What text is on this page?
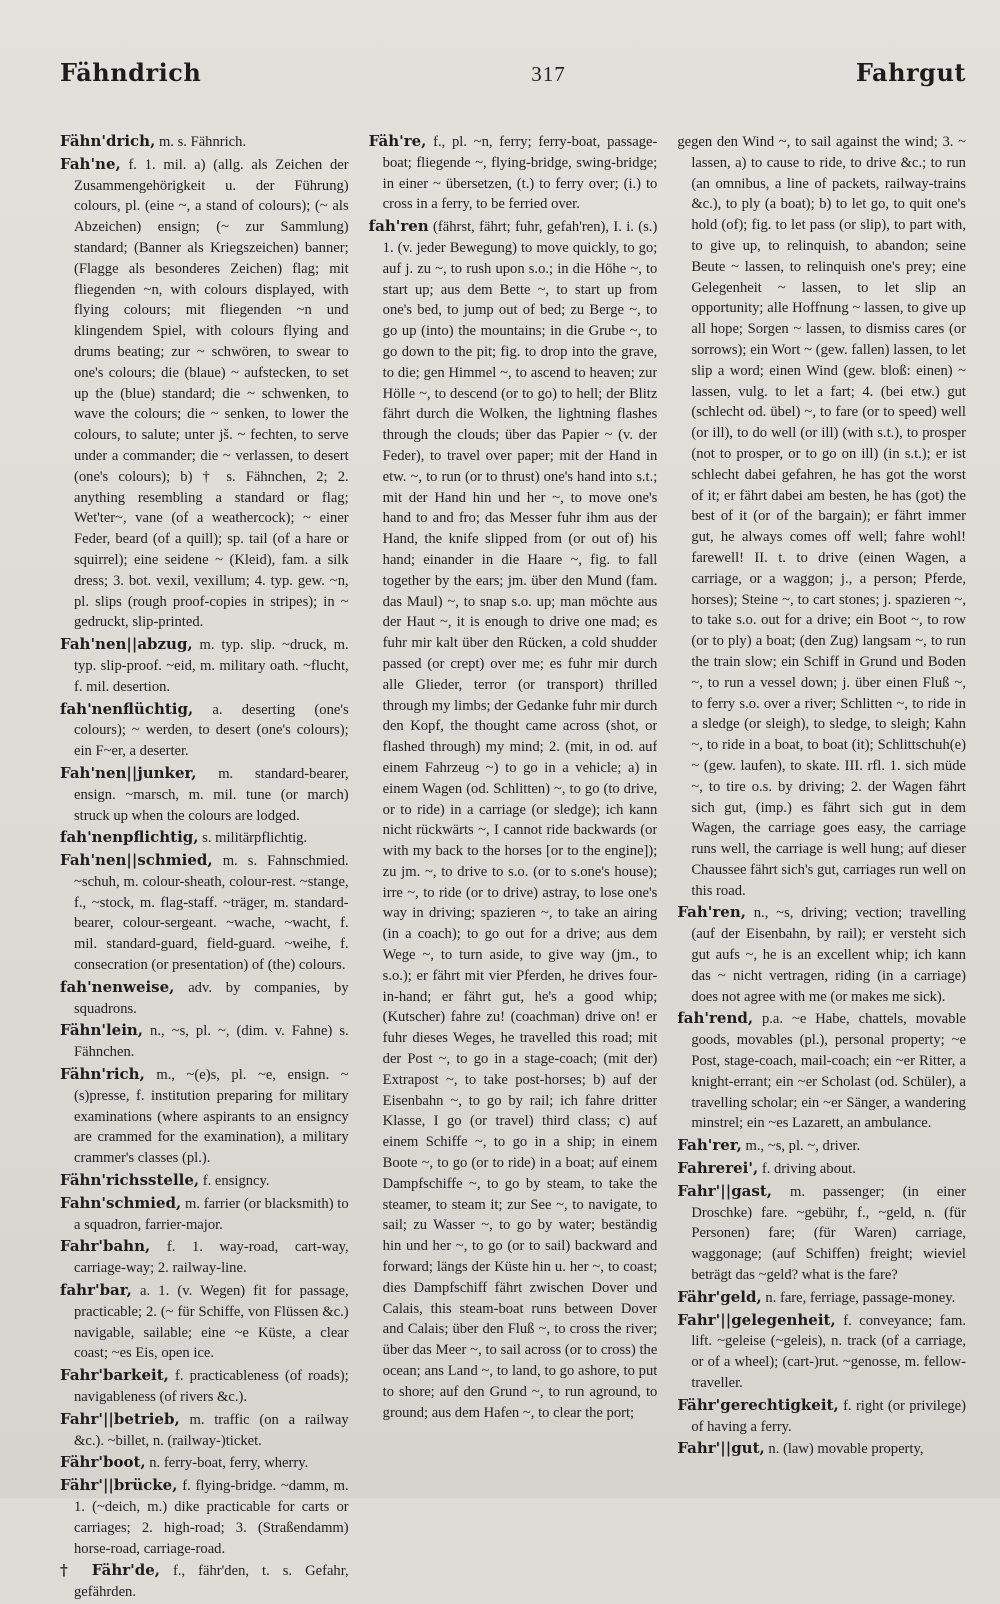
Fähndrich	317	Fahrgut

Fähn'drich, m. s. Fähnrich.

Fah'ne, f. 1. mil. a) (allg. als Zeichen der Zusammengehörigkeit u. der Führung) colours, pl. (eine ~, a stand of colours); (~ als Abzeichen) ensign; (~ zur Sammlung) standard; (Banner als Kriegszeichen) banner; (Flagge als besonderes Zeichen) flag; mit fliegenden ~n, with colours displayed, with flying colours; mit fliegenden ~n und klingendem Spiel, with colours flying and drums beating; zur ~ schwören, to swear to one's colours; die (blaue) ~ aufstecken, to set up the (blue) standard; die ~ schwenken, to wave the colours; die ~ senken, to lower the colours, to salute; unter jš. ~ fechten, to serve under a commander; die ~ verlassen, to desert (one's colours); b) † s. Fähnchen, 2; 2. anything resembling a standard or flag; Wet'ter~, vane (of a weathercock); ~ einer Feder, beard (of a quill); sp. tail (of a hare or squirrel); eine seidene ~ (Kleid), fam. a silk dress; 3. bot. vexil, vexillum; 4. typ. gew. ~n, pl. slips (rough proof-copies in stripes); in ~ gedruckt, slip-printed.

Fah'nen||abzug, m. typ. slip. ~druck, m. typ. slip-proof. ~eid, m. military oath. ~flucht, f. mil. desertion.

fah'nenflüchtig, a. deserting (one's colours); ~ werden, to desert (one's colours); ein F~er, a deserter.

Fah'nen||junker, m. standard-bearer, ensign. ~marsch, m. mil. tune (or march) struck up when the colours are lodged.

fah'nenpflichtig, s. militärpflichtig.

Fah'nen||schmied, m. s. Fahnschmied. ~schuh, m. colour-sheath, colour-rest. ~stange, f., ~stock, m. flag-staff. ~träger, m. standard-bearer, colour-sergeant. ~wache, ~wacht, f. mil. standard-guard, field-guard. ~weihe, f. consecration (or presentation) of (the) colours.

fah'nenweise, adv. by companies, by squadrons.

Fähn'lein, n., ~s, pl. ~, (dim. v. Fahne) s. Fähnchen.

Fähn'rich, m., ~(e)s, pl. ~e, ensign. ~(s)presse, f. institution preparing for military examinations (where aspirants to an ensigncy are crammed for the examination), a military crammer's classes (pl.).

Fähn'richsstelle, f. ensigncy.

Fahn'schmied, m. farrier (or blacksmith) to a squadron, farrier-major.

Fahr'bahn, f. 1. way-road, cart-way, carriage-way; 2. railway-line.

fahr'bar, a. 1. (v. Wegen) fit for passage, practicable; 2. (~ für Schiffe, von Flüssen &c.) navigable, sailable; eine ~e Küste, a clear coast; ~es Eis, open ice.

Fahr'barkeit, f. practicableness (of roads); navigableness (of rivers &c.).

Fahr'||betrieb, m. traffic (on a railway &c.). ~billet, n. (railway-)ticket.

Fähr'boot, n. ferry-boat, ferry, wherry.

Fähr'||brücke, f. flying-bridge. ~damm, m. 1. (~deich, m.) dike practicable for carts or carriages; 2. high-road; 3. (Straßendamm) horse-road, carriage-road.

† Fähr'de, f., fähr'den, t. s. Gefahr, gefährden.

Fäh're, f., pl. ~n, ferry; ferry-boat, passage-boat; fliegende ~, flying-bridge, swing-bridge; in einer ~ übersetzen, (t.) to ferry over; (i.) to cross in a ferry, to be ferried over.

fah'ren (fährst, fährt; fuhr, gefah'ren), I. i. (s.) 1. (v. jeder Bewegung) to move quickly, to go; auf j. zu ~, to rush upon s.o.; in die Höhe ~, to start up; aus dem Bette ~, to start up from one's bed, to jump out of bed; zu Berge ~, to go up (into) the mountains; in die Grube ~, to go down to the pit; fig. to drop into the grave, to die; gen Himmel ~, to ascend to heaven; zur Hölle ~, to descend (or to go) to hell; der Blitz fährt durch die Wolken, the lightning flashes through the clouds; über das Papier ~ (v. der Feder), to travel over paper; mit der Hand in etw. ~, to run (or to thrust) one's hand into s.t.; mit der Hand hin und her ~, to move one's hand to and fro; das Messer fuhr ihm aus der Hand, the knife slipped from (or out of) his hand; einander in die Haare ~, fig. to fall together by the ears; jm. über den Mund (fam. das Maul) ~, to snap s.o. up; man möchte aus der Haut ~, it is enough to drive one mad; es fuhr mir kalt über den Rücken, a cold shudder passed (or crept) over me; es fuhr mir durch alle Glieder, terror (or transport) thrilled through my limbs; der Gedanke fuhr mir durch den Kopf, the thought came across (shot, or flashed through) my mind; 2. (mit, in od. auf einem Fahrzeug ~) to go in a vehicle; a) in einem Wagen (od. Schlitten) ~, to go (to drive, or to ride) in a carriage (or sledge); ich kann nicht rückwärts ~, I cannot ride backwards (or with my back to the horses [or to the engine]); zu jm. ~, to drive to s.o. (or to s.one's house); irre ~, to ride (or to drive) astray, to lose one's way in driving; spazieren ~, to take an airing (in a coach); to go out for a drive; aus dem Wege ~, to turn aside, to give way (jm., to s.o.); er fährt mit vier Pferden, he drives four-in-hand; er fährt gut, he's a good whip; (Kutscher) fahre zu! (coachman) drive on! er fuhr dieses Weges, he travelled this road; mit der Post ~, to go in a stage-coach; (mit der) Extrapost ~, to take post-horses; b) auf der Eisenbahn ~, to go by rail; ich fahre dritter Klasse, I go (or travel) third class; c) auf einem Schiffe ~, to go in a ship; in einem Boote ~, to go (or to ride) in a boat; auf einem Dampfschiffe ~, to go by steam, to take the steamer, to steam it; zur See ~, to navigate, to sail; zu Wasser ~, to go by water; beständig hin und her ~, to go (or to sail) backward and forward; längs der Küste hin u. her ~, to coast; dies Dampfschiff fährt zwischen Dover und Calais, this steam-boat runs between Dover and Calais; über den Fluß ~, to cross the river; über das Meer ~, to sail across (or to cross) the ocean; ans Land ~, to land, to go ashore, to put to shore; auf den Grund ~, to run aground, to ground; aus dem Hafen ~, to clear the port;

gegen den Wind ~, to sail against the wind; 3. ~ lassen, a) to cause to ride, to drive &c.; to run (an omnibus, a line of packets, railway-trains &c.), to ply (a boat); b) to let go, to quit one's hold (of); fig. to let pass (or slip), to part with, to give up, to relinquish, to abandon; seine Beute ~ lassen, to relinquish one's prey; eine Gelegenheit ~ lassen, to let slip an opportunity; alle Hoffnung ~ lassen, to give up all hope; Sorgen ~ lassen, to dismiss cares (or sorrows); ein Wort ~ (gew. fallen) lassen, to let slip a word; einen Wind (gew. bloß: einen) ~ lassen, vulg. to let a fart; 4. (bei etw.) gut (schlecht od. übel) ~, to fare (or to speed) well (or ill), to do well (or ill) (with s.t.), to prosper (not to prosper, or to go on ill) (in s.t.); er ist schlecht dabei gefahren, he has got the worst of it; er fährt dabei am besten, he has (got) the best of it (or of the bargain); er fährt immer gut, he always comes off well; fahre wohl! farewell! II. t. to drive (einen Wagen, a carriage, or a waggon; j., a person; Pferde, horses); Steine ~, to cart stones; j. spazieren ~, to take s.o. out for a drive; ein Boot ~, to row (or to ply) a boat; (den Zug) langsam ~, to run the train slow; ein Schiff in Grund und Boden ~, to run a vessel down; j. über einen Fluß ~, to ferry s.o. over a river; Schlitten ~, to ride in a sledge (or sleigh), to sledge, to sleigh; Kahn ~, to ride in a boat, to boat (it); Schlittschuh(e) ~ (gew. laufen), to skate. III. rfl. 1. sich müde ~, to tire o.s. by driving; 2. der Wagen fährt sich gut, (imp.) es fährt sich gut in dem Wagen, the carriage goes easy, the carriage runs well, the carriage is well hung; auf dieser Chaussee fährt sich's gut, carriages run well on this road.

Fah'ren, n., ~s, driving; vection; travelling (auf der Eisenbahn, by rail); er versteht sich gut aufs ~, he is an excellent whip; ich kann das ~ nicht vertragen, riding (in a carriage) does not agree with me (or makes me sick).

fah'rend, p.a. ~e Habe, chattels, movable goods, movables (pl.), personal property; ~e Post, stage-coach, mail-coach; ein ~er Ritter, a knight-errant; ein ~er Scholast (od. Schüler), a travelling scholar; ein ~er Sänger, a wandering minstrel; ein ~es Lazarett, an ambulance.

Fah'rer, m., ~s, pl. ~, driver.

Fahrerei', f. driving about.

Fahr'||gast, m. passenger; (in einer Droschke) fare. ~gebühr, f., ~geld, n. (für Personen) fare; (für Waren) carriage, waggonage; (auf Schiffen) freight; wieviel beträgt das ~geld? what is the fare?

Fähr'geld, n. fare, ferriage, passage-money.

Fahr'||gelegenheit, f. conveyance; fam. lift. ~geleise (~geleis), n. track (of a carriage, or of a wheel); (cart-)rut. ~genosse, m. fellow-traveller.

Fähr'gerechtigkeit, f. right (or privilege) of having a ferry.

Fahr'||gut, n. (law) movable property,
